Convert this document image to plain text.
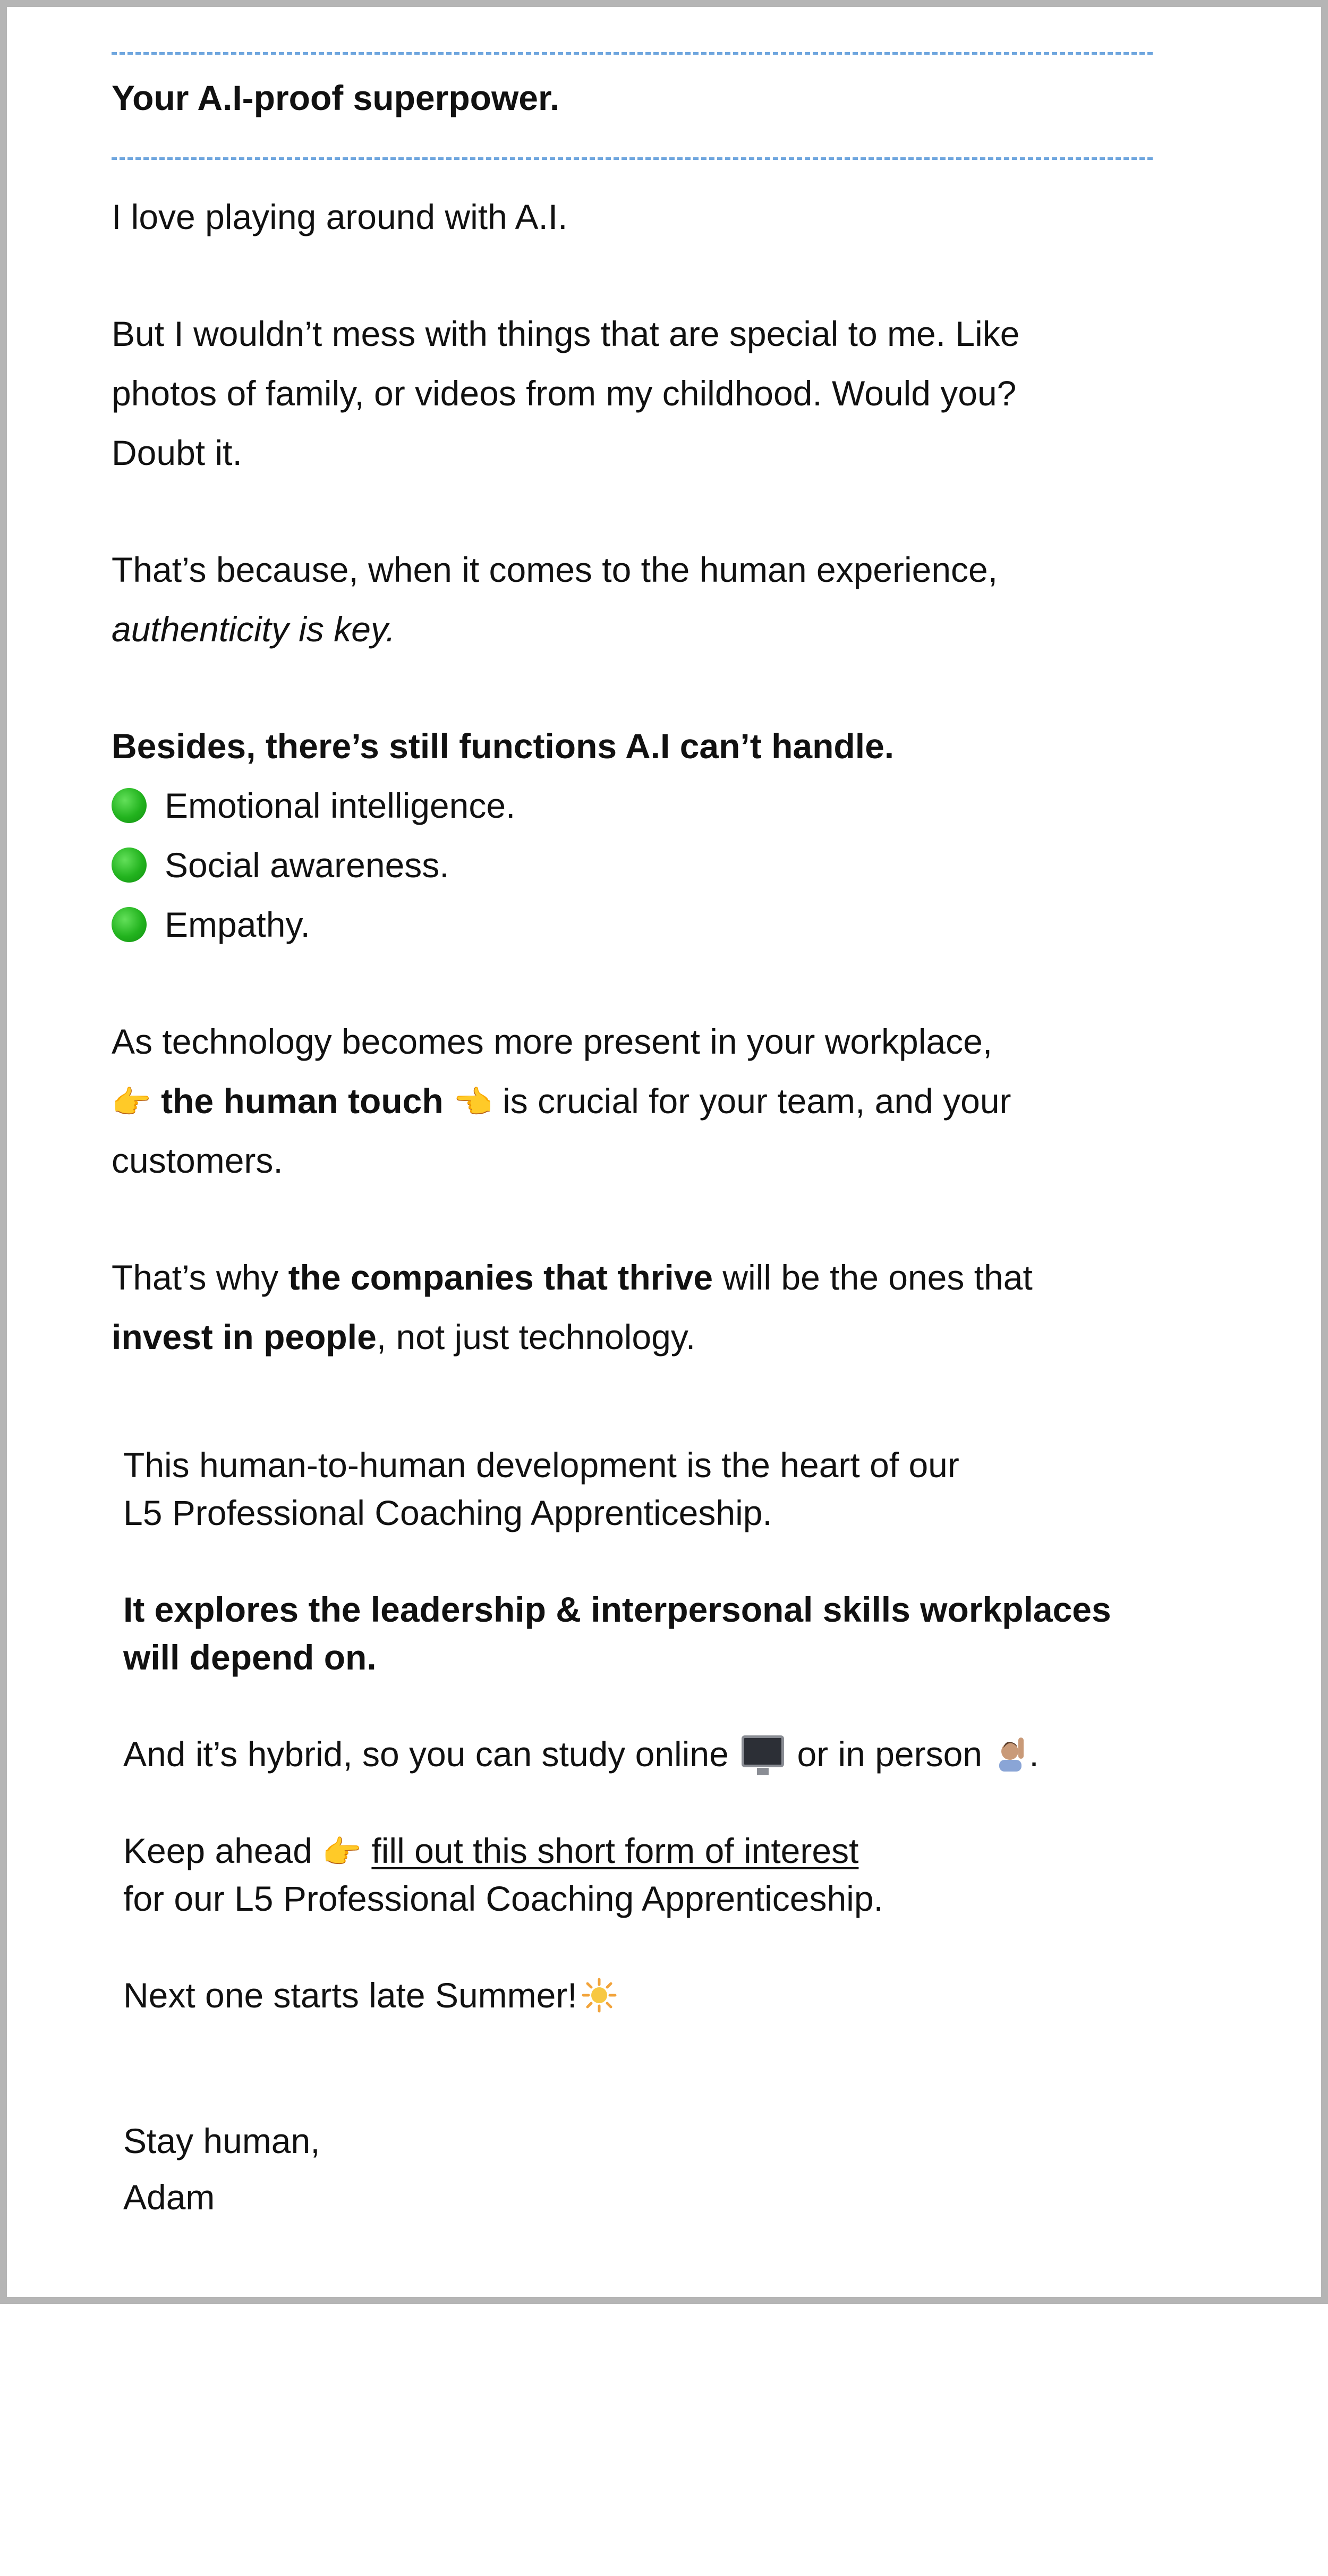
Your A.I-proof superpower.

I love playing around with A.I.

But I wouldn’t mess with things that are special to me. Like

photos of family, or videos from my childhood. Would you?

Doubt it.

That’s because, when it comes to the human experience,

authenticity is key.

Besides, there’s still functions A.I can’t handle.

Emotional intelligence.

Social awareness.

Empathy.

As technology becomes more present in your workplace,

👉 the human touch 👈 is crucial for your team, and your

customers.

That’s why the companies that thrive will be the ones that

invest in people, not just technology.

This human-to-human development is the heart of our

L5 Professional Coaching Apprenticeship.

It explores the leadership & interpersonal skills workplaces

will depend on.

And it’s hybrid, so you can study online  or in person .

Keep ahead 👉 fill out this short form of interest

for our L5 Professional Coaching Apprenticeship.

Next one starts late Summer!

Stay human,

Adam
